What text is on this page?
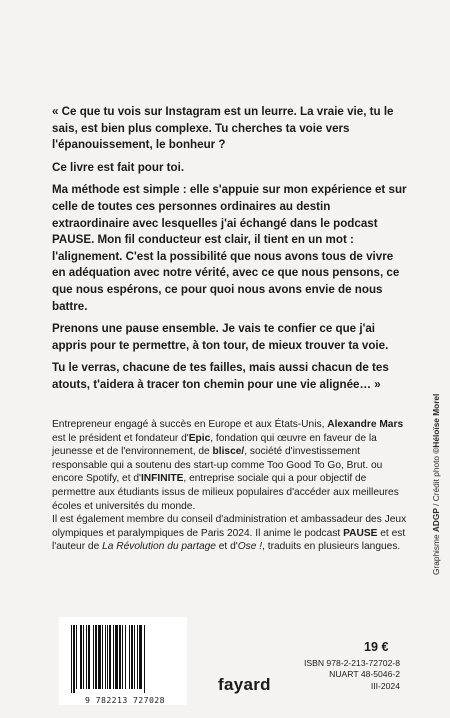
« Ce que tu vois sur Instagram est un leurre. La vraie vie, tu le sais, est bien plus complexe. Tu cherches ta voie vers l'épanouissement, le bonheur ?

Ce livre est fait pour toi.

Ma méthode est simple : elle s'appuie sur mon expérience et sur celle de toutes ces personnes ordinaires au destin extraordinaire avec lesquelles j'ai échangé dans le podcast PAUSE. Mon fil conducteur est clair, il tient en un mot : l'alignement. C'est la possibilité que nous avons tous de vivre en adéquation avec notre vérité, avec ce que nous pensons, ce que nous espérons, ce pour quoi nous avons envie de nous battre.

Prenons une pause ensemble. Je vais te confier ce que j'ai appris pour te permettre, à ton tour, de mieux trouver ta voie.

Tu le verras, chacune de tes failles, mais aussi chacun de tes atouts, t'aidera à tracer ton chemin pour une vie alignée… »

Entrepreneur engagé à succès en Europe et aux États-Unis, Alexandre Mars est le président et fondateur d'Epic, fondation qui œuvre en faveur de la jeunesse et de l'environnement, de blisce/, société d'investissement responsable qui a soutenu des start-up comme Too Good To Go, Brut. ou encore Spotify, et d'INFINITE, entreprise sociale qui a pour objectif de permettre aux étudiants issus de milieux populaires d'accéder aux meilleures écoles et universités du monde.

Il est également membre du conseil d'administration et ambassadeur des Jeux olympiques et paralympiques de Paris 2024. Il anime le podcast PAUSE et est l'auteur de La Révolution du partage et d'Ose !, traduits en plusieurs langues.	Graphisme ADGP / Crédit photo ©Héloïse Morel
9 782213 727028
fayard
19 €
ISBN 978-2-213-72702-8
NUART 48-5046-2
III-2024
